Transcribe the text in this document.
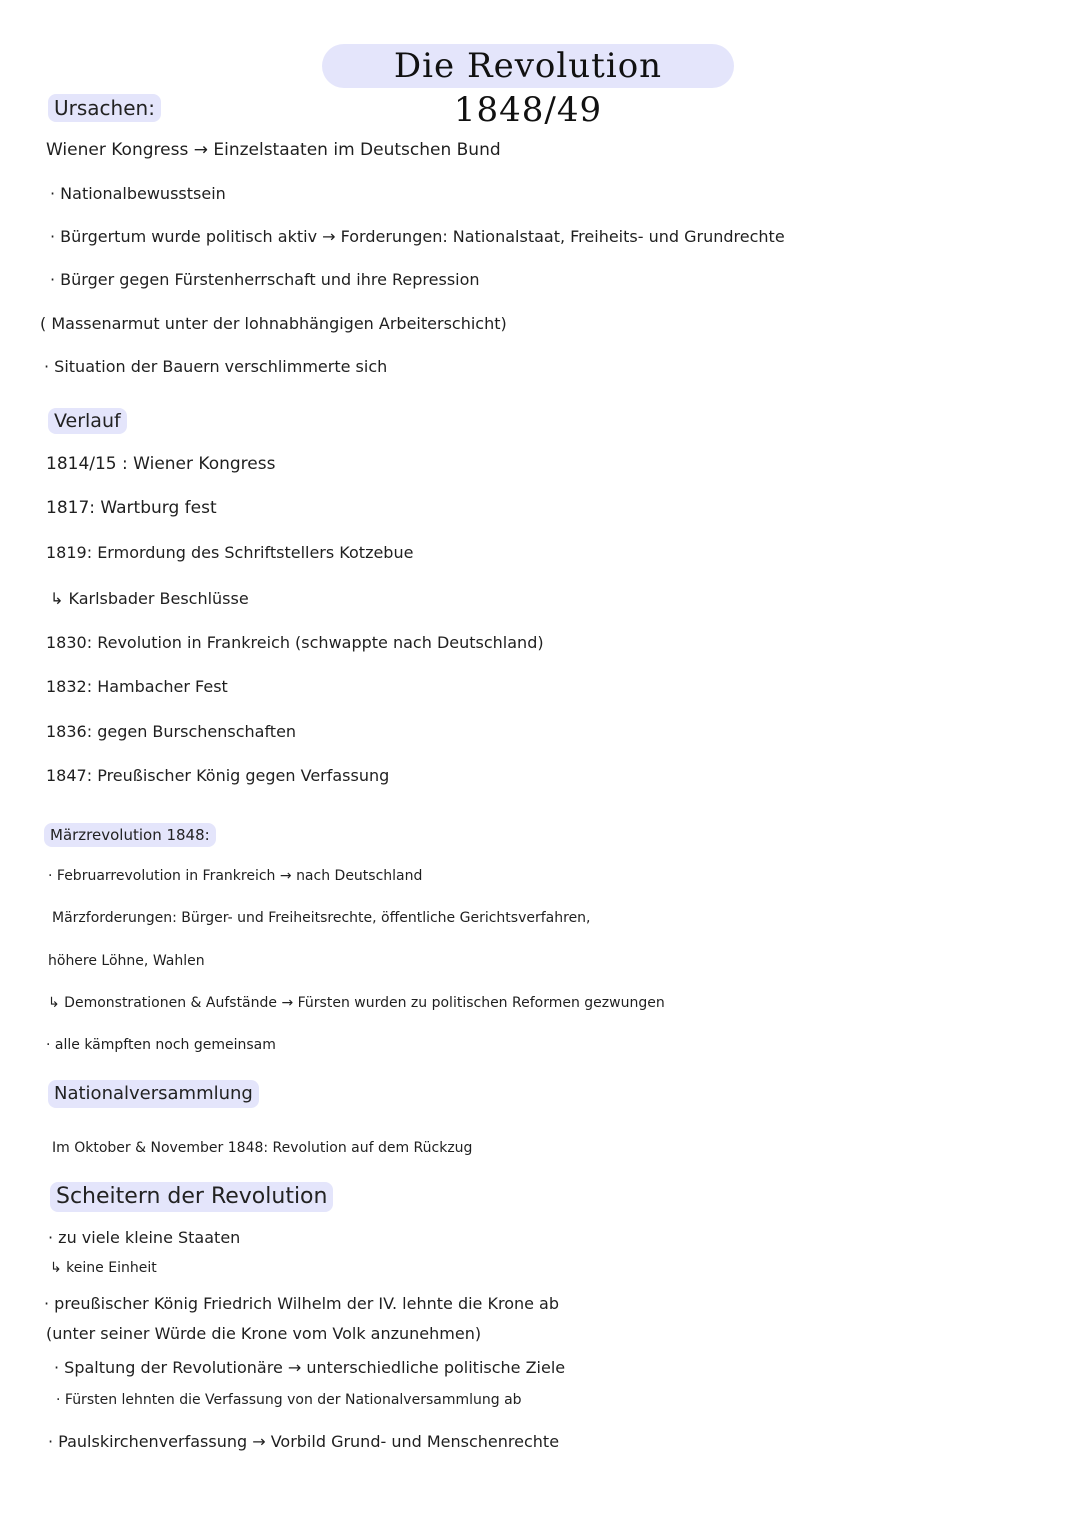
Die Revolution 1848/49
Ursachen:
Wiener Kongress → Einzelstaaten im Deutschen Bund
· Nationalbewusstsein
· Bürgertum wurde politisch aktiv → Forderungen: Nationalstaat, Freiheits- und Grundrechte
· Bürger gegen Fürstenherrschaft und ihre Repression
( Massenarmut unter der lohnabhängigen Arbeiterschicht)
· Situation der Bauern verschlimmerte sich
Verlauf
1814/15 : Wiener Kongress
1817: Wartburg fest
1819: Ermordung des Schriftstellers Kotzebue
↳ Karlsbader Beschlüsse
1830: Revolution in Frankreich (schwappte nach Deutschland)
1832: Hambacher Fest
1836: gegen Burschenschaften
1847: Preußischer König gegen Verfassung
Märzrevolution 1848:
· Februarrevolution in Frankreich → nach Deutschland
Märzforderungen: Bürger- und Freiheitsrechte, öffentliche Gerichtsverfahren,
höhere Löhne, Wahlen
↳ Demonstrationen & Aufstände → Fürsten wurden zu politischen Reformen gezwungen
· alle kämpften noch gemeinsam
Nationalversammlung
Im Oktober & November 1848: Revolution auf dem Rückzug
Scheitern der Revolution
· zu viele kleine Staaten
↳ keine Einheit
· preußischer König Friedrich Wilhelm der IV. lehnte die Krone ab
(unter seiner Würde die Krone vom Volk anzunehmen)
· Spaltung der Revolutionäre → unterschiedliche politische Ziele
· Fürsten lehnten die Verfassung von der Nationalversammlung ab
· Paulskirchenverfassung → Vorbild Grund- und Menschenrechte
